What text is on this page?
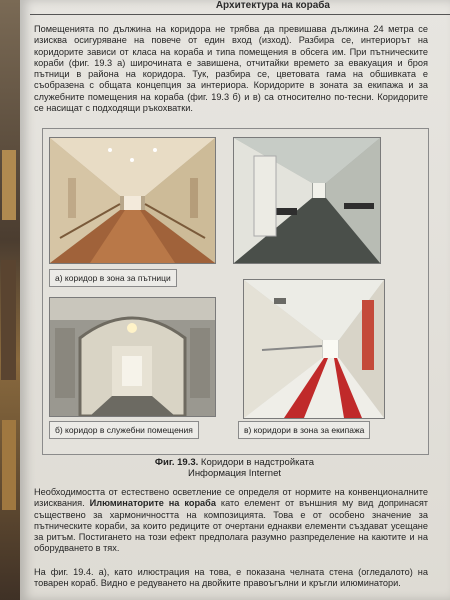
Архитектура на кораба
Помещенията по дължина на коридора не трябва да превишава дължина 24 метра се изисква осигуряване на повече от един вход (изход). Разбира се, интериорът на коридорите зависи от класа на кораба и типа помещения в обсега им. При пътническите кораби (фиг. 19.3 а) широчината е завишена, отчитайки времето за евакуация и броя пътници в района на коридора. Тук, разбира се, цветовата гама на обшивката е съобразена с общата концепция за интериора. Коридорите в зоната за екипажа и за служебните помещения на кораба (фиг. 19.3 б) и в) са относително по-тесни. Коридорите се насищат с подходящи ръкохватки.
а) коридор в зона за пътници
б) коридор в служебни помещения	в) коридори в зона за екипажа
Фиг. 19.3. Коридори в надстройката
Информация Internet
Необходимостта от естествено осветление се определя от нормите на конвенционалните изисквания. Илюминаторите на кораба като елемент от външния му вид допринасят съществено за хармоничността на композицията. Това е от особено значение за пътническите кораби, за които редиците от очертани еднакви елементи създават усещане за ритъм. Постигането на този ефект предполага разумно разпределение на каютите и на оборудването в тях.
На фиг. 19.4. а), като илюстрация на това, е показана челната стена (огледалото) на товарен кораб. Видно е редуването на двойките правоъгълни и кръгли илюминатори.
